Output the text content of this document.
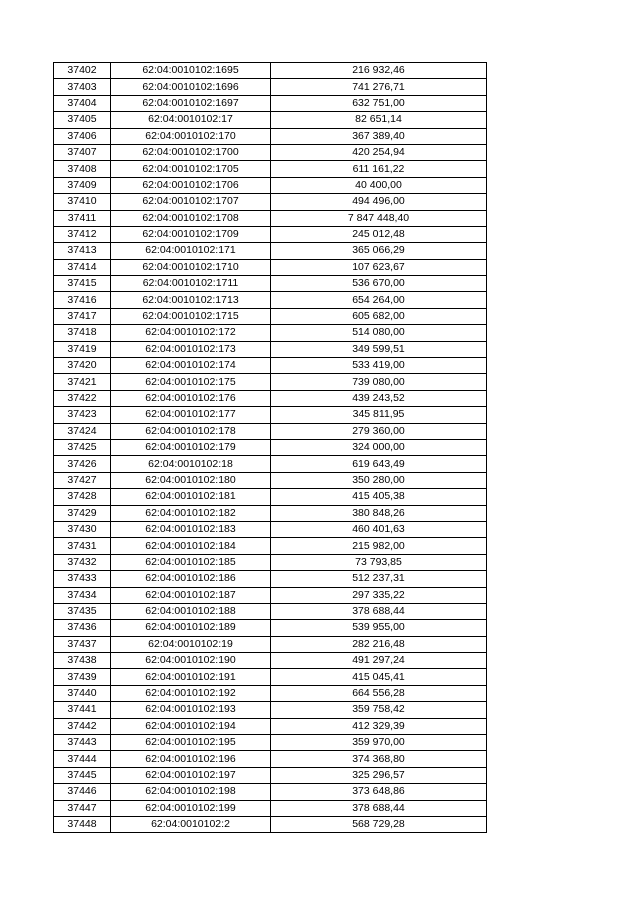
37402	62:04:0010102:1695	216 932,46
37403	62:04:0010102:1696	741 276,71
37404	62:04:0010102:1697	632 751,00
37405	62:04:0010102:17	82 651,14
37406	62:04:0010102:170	367 389,40
37407	62:04:0010102:1700	420 254,94
37408	62:04:0010102:1705	611 161,22
37409	62:04:0010102:1706	40 400,00
37410	62:04:0010102:1707	494 496,00
37411	62:04:0010102:1708	7 847 448,40
37412	62:04:0010102:1709	245 012,48
37413	62:04:0010102:171	365 066,29
37414	62:04:0010102:1710	107 623,67
37415	62:04:0010102:1711	536 670,00
37416	62:04:0010102:1713	654 264,00
37417	62:04:0010102:1715	605 682,00
37418	62:04:0010102:172	514 080,00
37419	62:04:0010102:173	349 599,51
37420	62:04:0010102:174	533 419,00
37421	62:04:0010102:175	739 080,00
37422	62:04:0010102:176	439 243,52
37423	62:04:0010102:177	345 811,95
37424	62:04:0010102:178	279 360,00
37425	62:04:0010102:179	324 000,00
37426	62:04:0010102:18	619 643,49
37427	62:04:0010102:180	350 280,00
37428	62:04:0010102:181	415 405,38
37429	62:04:0010102:182	380 848,26
37430	62:04:0010102:183	460 401,63
37431	62:04:0010102:184	215 982,00
37432	62:04:0010102:185	73 793,85
37433	62:04:0010102:186	512 237,31
37434	62:04:0010102:187	297 335,22
37435	62:04:0010102:188	378 688,44
37436	62:04:0010102:189	539 955,00
37437	62:04:0010102:19	282 216,48
37438	62:04:0010102:190	491 297,24
37439	62:04:0010102:191	415 045,41
37440	62:04:0010102:192	664 556,28
37441	62:04:0010102:193	359 758,42
37442	62:04:0010102:194	412 329,39
37443	62:04:0010102:195	359 970,00
37444	62:04:0010102:196	374 368,80
37445	62:04:0010102:197	325 296,57
37446	62:04:0010102:198	373 648,86
37447	62:04:0010102:199	378 688,44
37448	62:04:0010102:2	568 729,28
